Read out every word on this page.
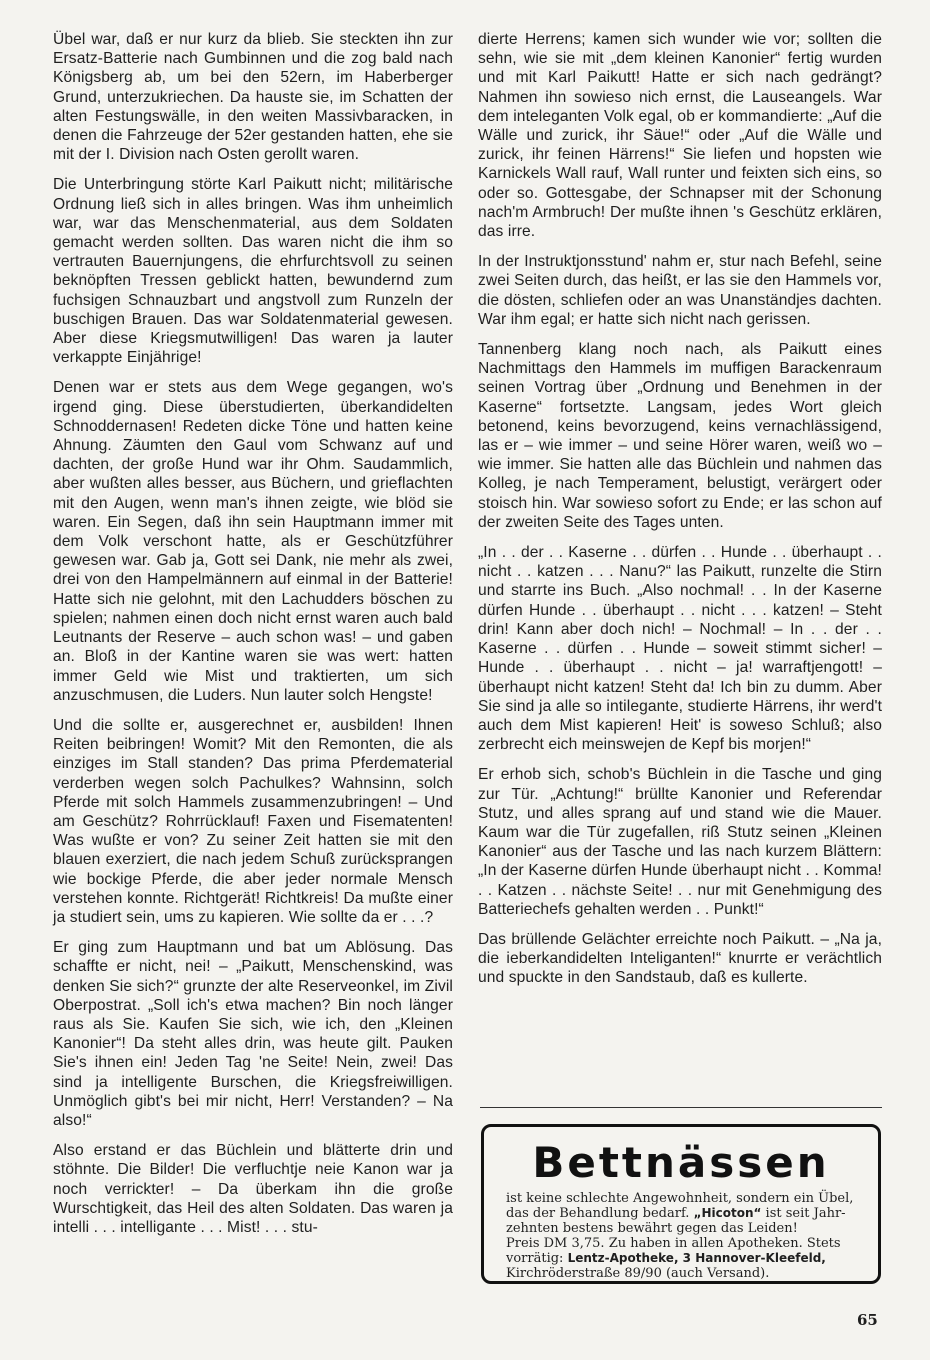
Übel war, daß er nur kurz da blieb. Sie steckten ihn zur Ersatz-Batterie nach Gumbinnen und die zog bald nach Königsberg ab, um bei den 52ern, im Haberberger Grund, unterzukriechen. Da hauste sie, im Schatten der alten Festungswälle, in den weiten Massivbaracken, in denen die Fahrzeuge der 52er gestanden hatten, ehe sie mit der I. Division nach Osten gerollt waren.

Die Unterbringung störte Karl Paikutt nicht; militärische Ordnung ließ sich in alles bringen. Was ihm unheimlich war, war das Menschenmaterial, aus dem Soldaten gemacht werden sollten. Das waren nicht die ihm so vertrauten Bauernjungens, die ehrfurchtsvoll zu seinen beknöpften Tressen geblickt hatten, bewundernd zum fuchsigen Schnauzbart und angstvoll zum Runzeln der buschigen Brauen. Das war Soldatenmaterial gewesen. Aber diese Kriegsmutwilligen! Das waren ja lauter verkappte Einjährige!

Denen war er stets aus dem Wege gegangen, wo's irgend ging. Diese überstudierten, überkandidelten Schnoddernasen! Redeten dicke Töne und hatten keine Ahnung. Zäumten den Gaul vom Schwanz auf und dachten, der große Hund war ihr Ohm. Saudammlich, aber wußten alles besser, aus Büchern, und grieflachten mit den Augen, wenn man's ihnen zeigte, wie blöd sie waren. Ein Segen, daß ihn sein Hauptmann immer mit dem Volk verschont hatte, als er Geschützführer gewesen war. Gab ja, Gott sei Dank, nie mehr als zwei, drei von den Hampelmännern auf einmal in der Batterie! Hatte sich nie gelohnt, mit den Lachudders böschen zu spielen; nahmen einen doch nicht ernst waren auch bald Leutnants der Reserve – auch schon was! – und gaben an. Bloß in der Kantine waren sie was wert: hatten immer Geld wie Mist und traktierten, um sich anzuschmusen, die Luders. Nun lauter solch Hengste!

Und die sollte er, ausgerechnet er, ausbilden! Ihnen Reiten beibringen! Womit? Mit den Remonten, die als einziges im Stall standen? Das prima Pferdematerial verderben wegen solch Pachulkes? Wahnsinn, solch Pferde mit solch Hammels zusammenzubringen! – Und am Geschütz? Rohrrücklauf! Faxen und Fisematenten! Was wußte er von? Zu seiner Zeit hatten sie mit den blauen exerziert, die nach jedem Schuß zurücksprangen wie bockige Pferde, die aber jeder normale Mensch verstehen konnte. Richtgerät! Richtkreis! Da mußte einer ja studiert sein, ums zu kapieren. Wie sollte da er . . .?

Er ging zum Hauptmann und bat um Ablösung. Das schaffte er nicht, nei! – „Paikutt, Menschenskind, was denken Sie sich?“ grunzte der alte Reserveonkel, im Zivil Oberpostrat. „Soll ich's etwa machen? Bin noch länger raus als Sie. Kaufen Sie sich, wie ich, den „Kleinen Kanonier“! Da steht alles drin, was heute gilt. Pauken Sie's ihnen ein! Jeden Tag 'ne Seite! Nein, zwei! Das sind ja intelligente Burschen, die Kriegsfreiwilligen. Unmöglich gibt's bei mir nicht, Herr! Verstanden? – Na also!“

Also erstand er das Büchlein und blätterte drin und stöhnte. Die Bilder! Die verfluchtje neie Kanon war ja noch verrickter! – Da überkam ihn die große Wurschtigkeit, das Heil des alten Soldaten. Das waren ja intelli . . . intelligante . . . Mist! . . . stu-

dierte Herrens; kamen sich wunder wie vor; sollten die sehn, wie sie mit „dem kleinen Kanonier“ fertig wurden und mit Karl Paikutt! Hatte er sich nach gedrängt? Nahmen ihn sowieso nich ernst, die Lauseangels. War dem inteleganten Volk egal, ob er kommandierte: „Auf die Wälle und zurick, ihr Säue!“ oder „Auf die Wälle und zurick, ihr feinen Härrens!“ Sie liefen und hopsten wie Karnickels Wall rauf, Wall runter und feixten sich eins, so oder so. Gottesgabe, der Schnapser mit der Schonung nach'm Armbruch! Der mußte ihnen 's Geschütz erklären, das irre.

In der Instruktjonsstund' nahm er, stur nach Befehl, seine zwei Seiten durch, das heißt, er las sie den Hammels vor, die dösten, schliefen oder an was Unanständjes dachten. War ihm egal; er hatte sich nicht nach gerissen.

Tannenberg klang noch nach, als Paikutt eines Nachmittags den Hammels im muffigen Barackenraum seinen Vortrag über „Ordnung und Benehmen in der Kaserne“ fortsetzte. Langsam, jedes Wort gleich betonend, keins bevorzugend, keins vernachlässigend, las er – wie immer – und seine Hörer waren, weiß wo – wie immer. Sie hatten alle das Büchlein und nahmen das Kolleg, je nach Temperament, belustigt, verärgert oder stoisch hin. War sowieso sofort zu Ende; er las schon auf der zweiten Seite des Tages unten.

„In . . der . . Kaserne . . dürfen . . Hunde . . überhaupt . . nicht . . katzen . . . Nanu?“ las Paikutt, runzelte die Stirn und starrte ins Buch. „Also nochmal! . . In der Kaserne dürfen Hunde . . überhaupt . . nicht . . . katzen! – Steht drin! Kann aber doch nich! – Nochmal! – In . . der . . Kaserne . . dürfen . . Hunde – soweit stimmt sicher! – Hunde . . überhaupt . . nicht – ja! warraftjengott! – überhaupt nicht katzen! Steht da! Ich bin zu dumm. Aber Sie sind ja alle so intilegante, studierte Härrens, ihr werd't auch dem Mist kapieren! Heit' is soweso Schluß; also zerbrecht eich meinswejen de Kepf bis morjen!“

Er erhob sich, schob's Büchlein in die Tasche und ging zur Tür. „Achtung!“ brüllte Kanonier und Referendar Stutz, und alles sprang auf und stand wie die Mauer. Kaum war die Tür zugefallen, riß Stutz seinen „Kleinen Kanonier“ aus der Tasche und las nach kurzem Blättern: „In der Kaserne dürfen Hunde überhaupt nicht . . Komma! . . Katzen . . nächste Seite! . . nur mit Genehmigung des Batteriechefs gehalten werden . . Punkt!“

Das brüllende Gelächter erreichte noch Paikutt. – „Na ja, die ieberkandidelten Inteliganten!“ knurrte er verächtlich und spuckte in den Sandstaub, daß es kullerte.

Bettnässen
ist keine schlechte Angewohnheit, sondern ein Übel,
das der Behandlung bedarf. „Hicoton“ ist seit Jahr-
zehnten bestens bewährt gegen das Leiden!
Preis DM 3,75. Zu haben in allen Apotheken. Stets
vorrätig: Lentz-Apotheke, 3 Hannover-Kleefeld,
Kirchröderstraße 89/90 (auch Versand).
65
